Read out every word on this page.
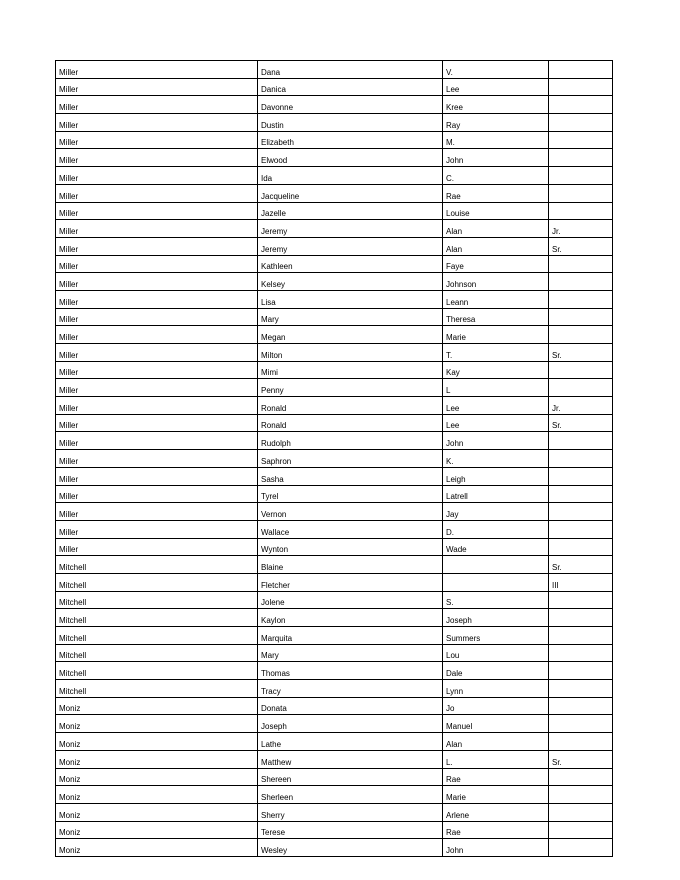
Miller	Dana	V.	
Miller	Danica	Lee	
Miller	Davonne	Kree	
Miller	Dustin	Ray	
Miller	Elizabeth	M.	
Miller	Elwood	John	
Miller	Ida	C.	
Miller	Jacqueline	Rae	
Miller	Jazelle	Louise	
Miller	Jeremy	Alan	Jr.
Miller	Jeremy	Alan	Sr.
Miller	Kathleen	Faye	
Miller	Kelsey	Johnson	
Miller	Lisa	Leann	
Miller	Mary	Theresa	
Miller	Megan	Marie	
Miller	Milton	T.	Sr.
Miller	Mimi	Kay	
Miller	Penny	L	
Miller	Ronald	Lee	Jr.
Miller	Ronald	Lee	Sr.
Miller	Rudolph	John	
Miller	Saphron	K.	
Miller	Sasha	Leigh	
Miller	Tyrel	Latrell	
Miller	Vernon	Jay	
Miller	Wallace	D.	
Miller	Wynton	Wade	
Mitchell	Blaine		Sr.
Mitchell	Fletcher		III
Mitchell	Jolene	S.	
Mitchell	Kaylon	Joseph	
Mitchell	Marquita	Summers	
Mitchell	Mary	Lou	
Mitchell	Thomas	Dale	
Mitchell	Tracy	Lynn	
Moniz	Donata	Jo	
Moniz	Joseph	Manuel	
Moniz	Lathe	Alan	
Moniz	Matthew	L.	Sr.
Moniz	Shereen	Rae	
Moniz	Sherleen	Marie	
Moniz	Sherry	Arlene	
Moniz	Terese	Rae	
Moniz	Wesley	John	
